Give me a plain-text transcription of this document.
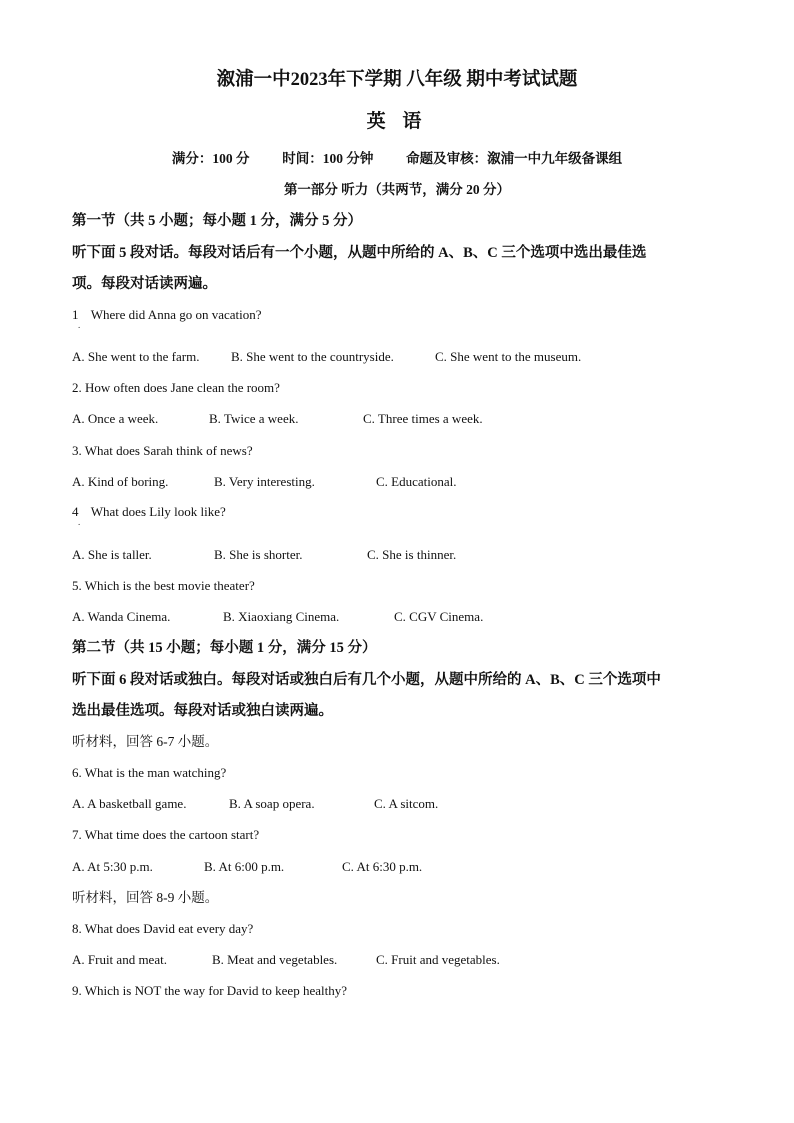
溆浦一中2023年下学期 八年级 期中考试试题
英 语
满分：100 分 时间：100 分钟 命题及审核：溆浦一中九年级备课组
第一部分 听力（共两节，满分 20 分）
第一节（共 5 小题；每小题 1 分，满分 5 分）
听下面 5 段对话。每段对话后有一个小题，从题中所给的 A、B、C 三个选项中选出最佳选
项。每段对话读两遍。
1 Where did Anna go on vacation?
.
A. She went to the farm. B. She went to the countryside.	C. She went to the museum.
2. How often does Jane clean the room?
A. Once a week.	B. Twice a week.	C. Three times a week.
3. What does Sarah think of news?
A. Kind of boring.	B. Very interesting.	C. Educational.
4 What does Lily look like?
.
A. She is taller.	B. She is shorter.	C. She is thinner.
5. Which is the best movie theater?
A. Wanda Cinema.	B. Xiaoxiang Cinema.	C. CGV Cinema.
第二节（共 15 小题；每小题 1 分，满分 15 分）
听下面 6 段对话或独白。每段对话或独白后有几个小题，从题中所给的 A、B、C 三个选项中
选出最佳选项。每段对话或独白读两遍。
听材料，回答 6-7 小题。
6. What is the man watching?
A. A basketball game.	B. A soap opera.	C. A sitcom.
7. What time does the cartoon start?
A. At 5:30 p.m.	B. At 6:00 p.m.	C. At 6:30 p.m.
听材料，回答 8-9 小题。
8. What does David eat every day?
A. Fruit and meat.	B. Meat and vegetables.	C. Fruit and vegetables.
9. Which is NOT the way for David to keep healthy?
